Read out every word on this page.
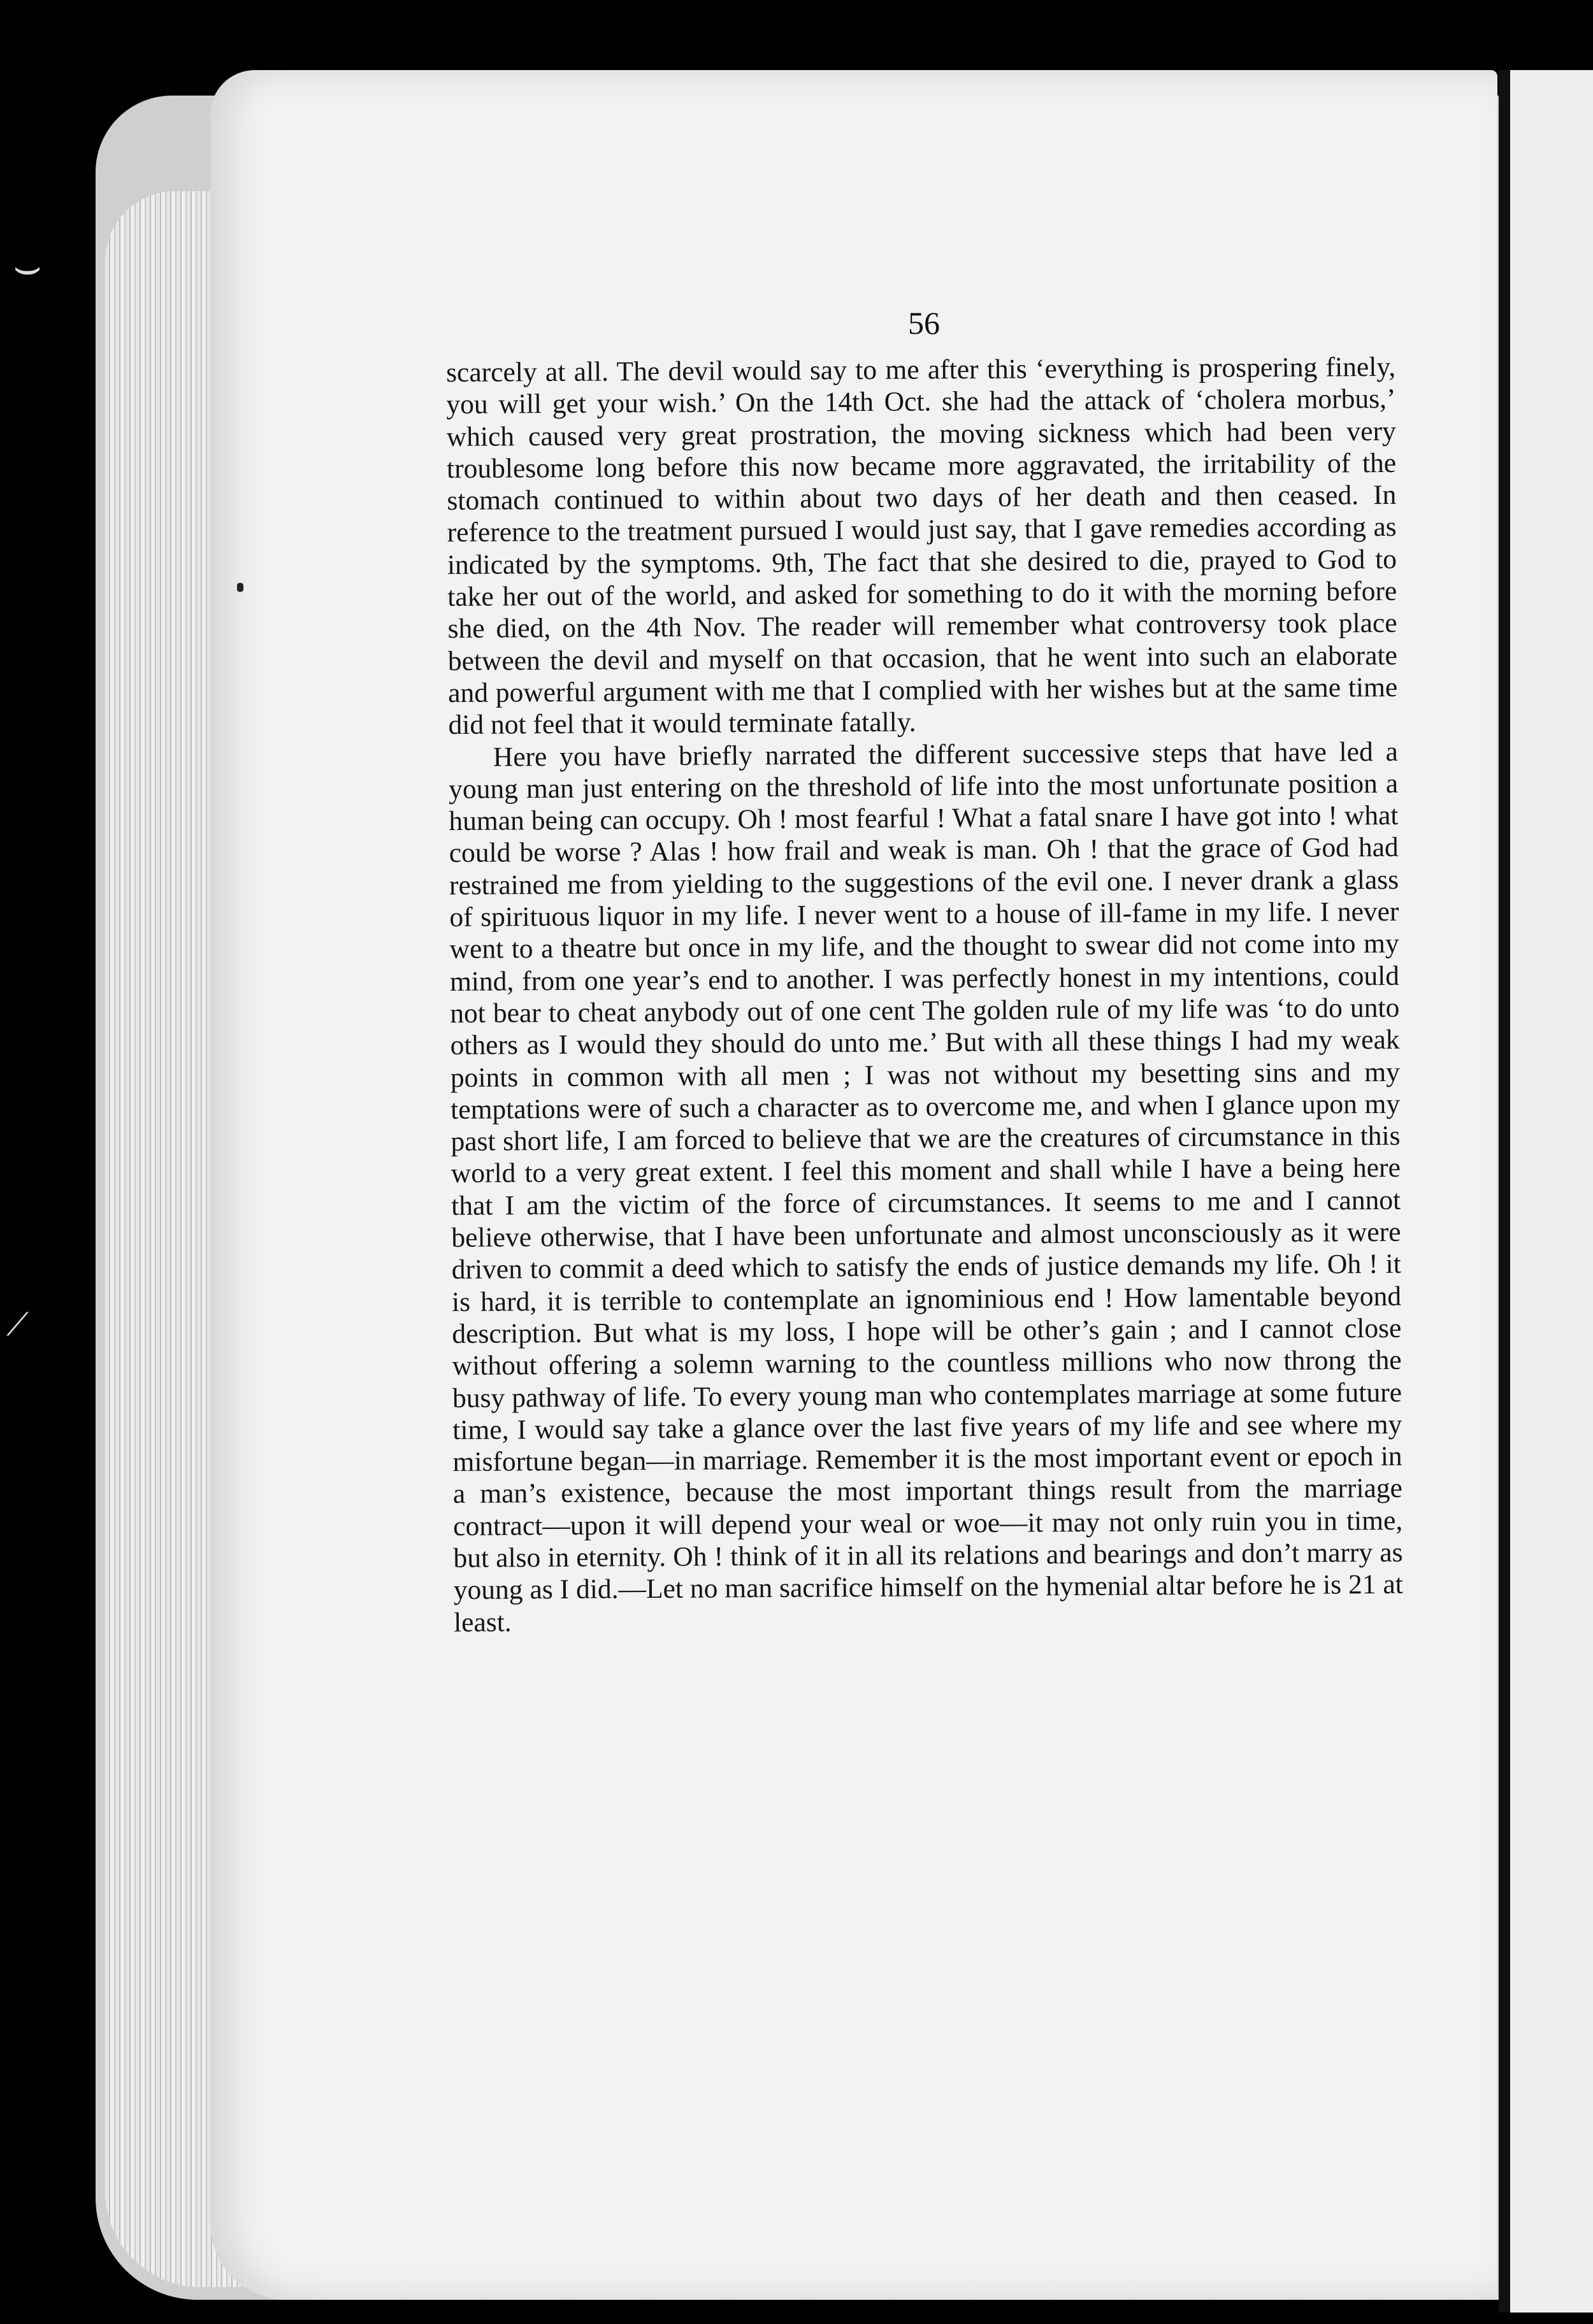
⌣
⟋
56

scarcely at all. The devil would say to me after this ‘everything is prospering finely, you will get your wish.’ On the 14th Oct. she had the attack of ‘cholera morbus,’ which caused very great prostration, the moving sickness which had been very troublesome long before this now became more aggravated, the irritability of the stomach continued to within about two days of her death and then ceased. In reference to the treatment pursued I would just say, that I gave remedies according as indicated by the symptoms. 9th, The fact that she desired to die, prayed to God to take her out of the world, and asked for something to do it with the morning before she died, on the 4th Nov. The reader will remember what controversy took place between the devil and myself on that occasion, that he went into such an elaborate and powerful argument with me that I complied with her wishes but at the same time did not feel that it would terminate fatally.

Here you have briefly narrated the different successive steps that have led a young man just entering on the threshold of life into the most unfortunate position a human being can occupy. Oh ! most fearful ! What a fatal snare I have got into ! what could be worse ? Alas ! how frail and weak is man. Oh ! that the grace of God had restrained me from yielding to the suggestions of the evil one. I never drank a glass of spirituous liquor in my life. I never went to a house of ill-fame in my life. I never went to a theatre but once in my life, and the thought to swear did not come into my mind, from one year’s end to another. I was perfectly honest in my intentions, could not bear to cheat anybody out of one cent The golden rule of my life was ‘to do unto others as I would they should do unto me.’ But with all these things I had my weak points in common with all men ; I was not without my besetting sins and my temptations were of such a character as to overcome me, and when I glance upon my past short life, I am forced to believe that we are the creatures of circumstance in this world to a very great extent. I feel this moment and shall while I have a being here that I am the victim of the force of circumstances. It seems to me and I cannot believe otherwise, that I have been unfortunate and almost unconsciously as it were driven to commit a deed which to satisfy the ends of justice demands my life. Oh ! it is hard, it is terrible to contemplate an ignominious end ! How lamentable beyond description. But what is my loss, I hope will be other’s gain ; and I cannot close without offering a solemn warning to the countless millions who now throng the busy pathway of life. To every young man who contemplates marriage at some future time, I would say take a glance over the last five years of my life and see where my misfortune began—in marriage. Remember it is the most important event or epoch in a man’s existence, because the most important things result from the marriage contract—upon it will depend your weal or woe—it may not only ruin you in time, but also in eternity. Oh ! think of it in all its relations and bearings and don’t marry as young as I did.—Let no man sacrifice himself on the hymenial altar before he is 21 at least.
